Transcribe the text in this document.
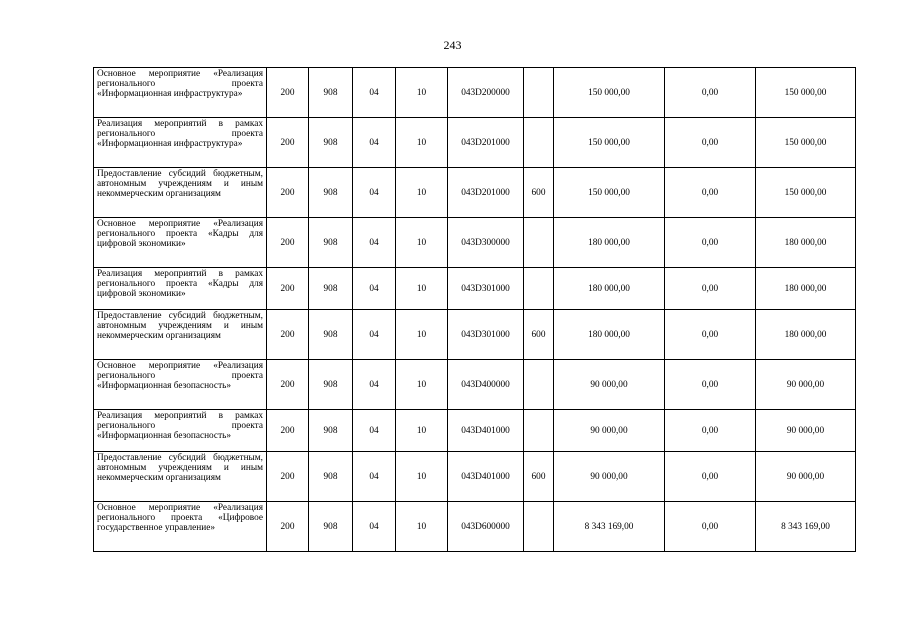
243
Основное мероприятие «Реализация регионального проекта «Информационная инфраструктура»	200	908	04	10	043D200000		150 000,00	0,00	150 000,00
Реализация мероприятий в рамках регионального проекта «Информационная инфраструктура»	200	908	04	10	043D201000		150 000,00	0,00	150 000,00
Предоставление субсидий бюджетным, автономным учреждениям и иным некоммерческим организациям	200	908	04	10	043D201000	600	150 000,00	0,00	150 000,00
Основное мероприятие «Реализация регионального проекта «Кадры для цифровой экономики»	200	908	04	10	043D300000		180 000,00	0,00	180 000,00
Реализация мероприятий в рамках регионального проекта «Кадры для цифровой экономики»	200	908	04	10	043D301000		180 000,00	0,00	180 000,00
Предоставление субсидий бюджетным, автономным учреждениям и иным некоммерческим организациям	200	908	04	10	043D301000	600	180 000,00	0,00	180 000,00
Основное мероприятие «Реализация регионального проекта «Информационная безопасность»	200	908	04	10	043D400000		90 000,00	0,00	90 000,00
Реализация мероприятий в рамках регионального проекта «Информационная безопасность»	200	908	04	10	043D401000		90 000,00	0,00	90 000,00
Предоставление субсидий бюджетным, автономным учреждениям и иным некоммерческим организациям	200	908	04	10	043D401000	600	90 000,00	0,00	90 000,00
Основное мероприятие «Реализация регионального проекта «Цифровое государственное управление»	200	908	04	10	043D600000		8 343 169,00	0,00	8 343 169,00
